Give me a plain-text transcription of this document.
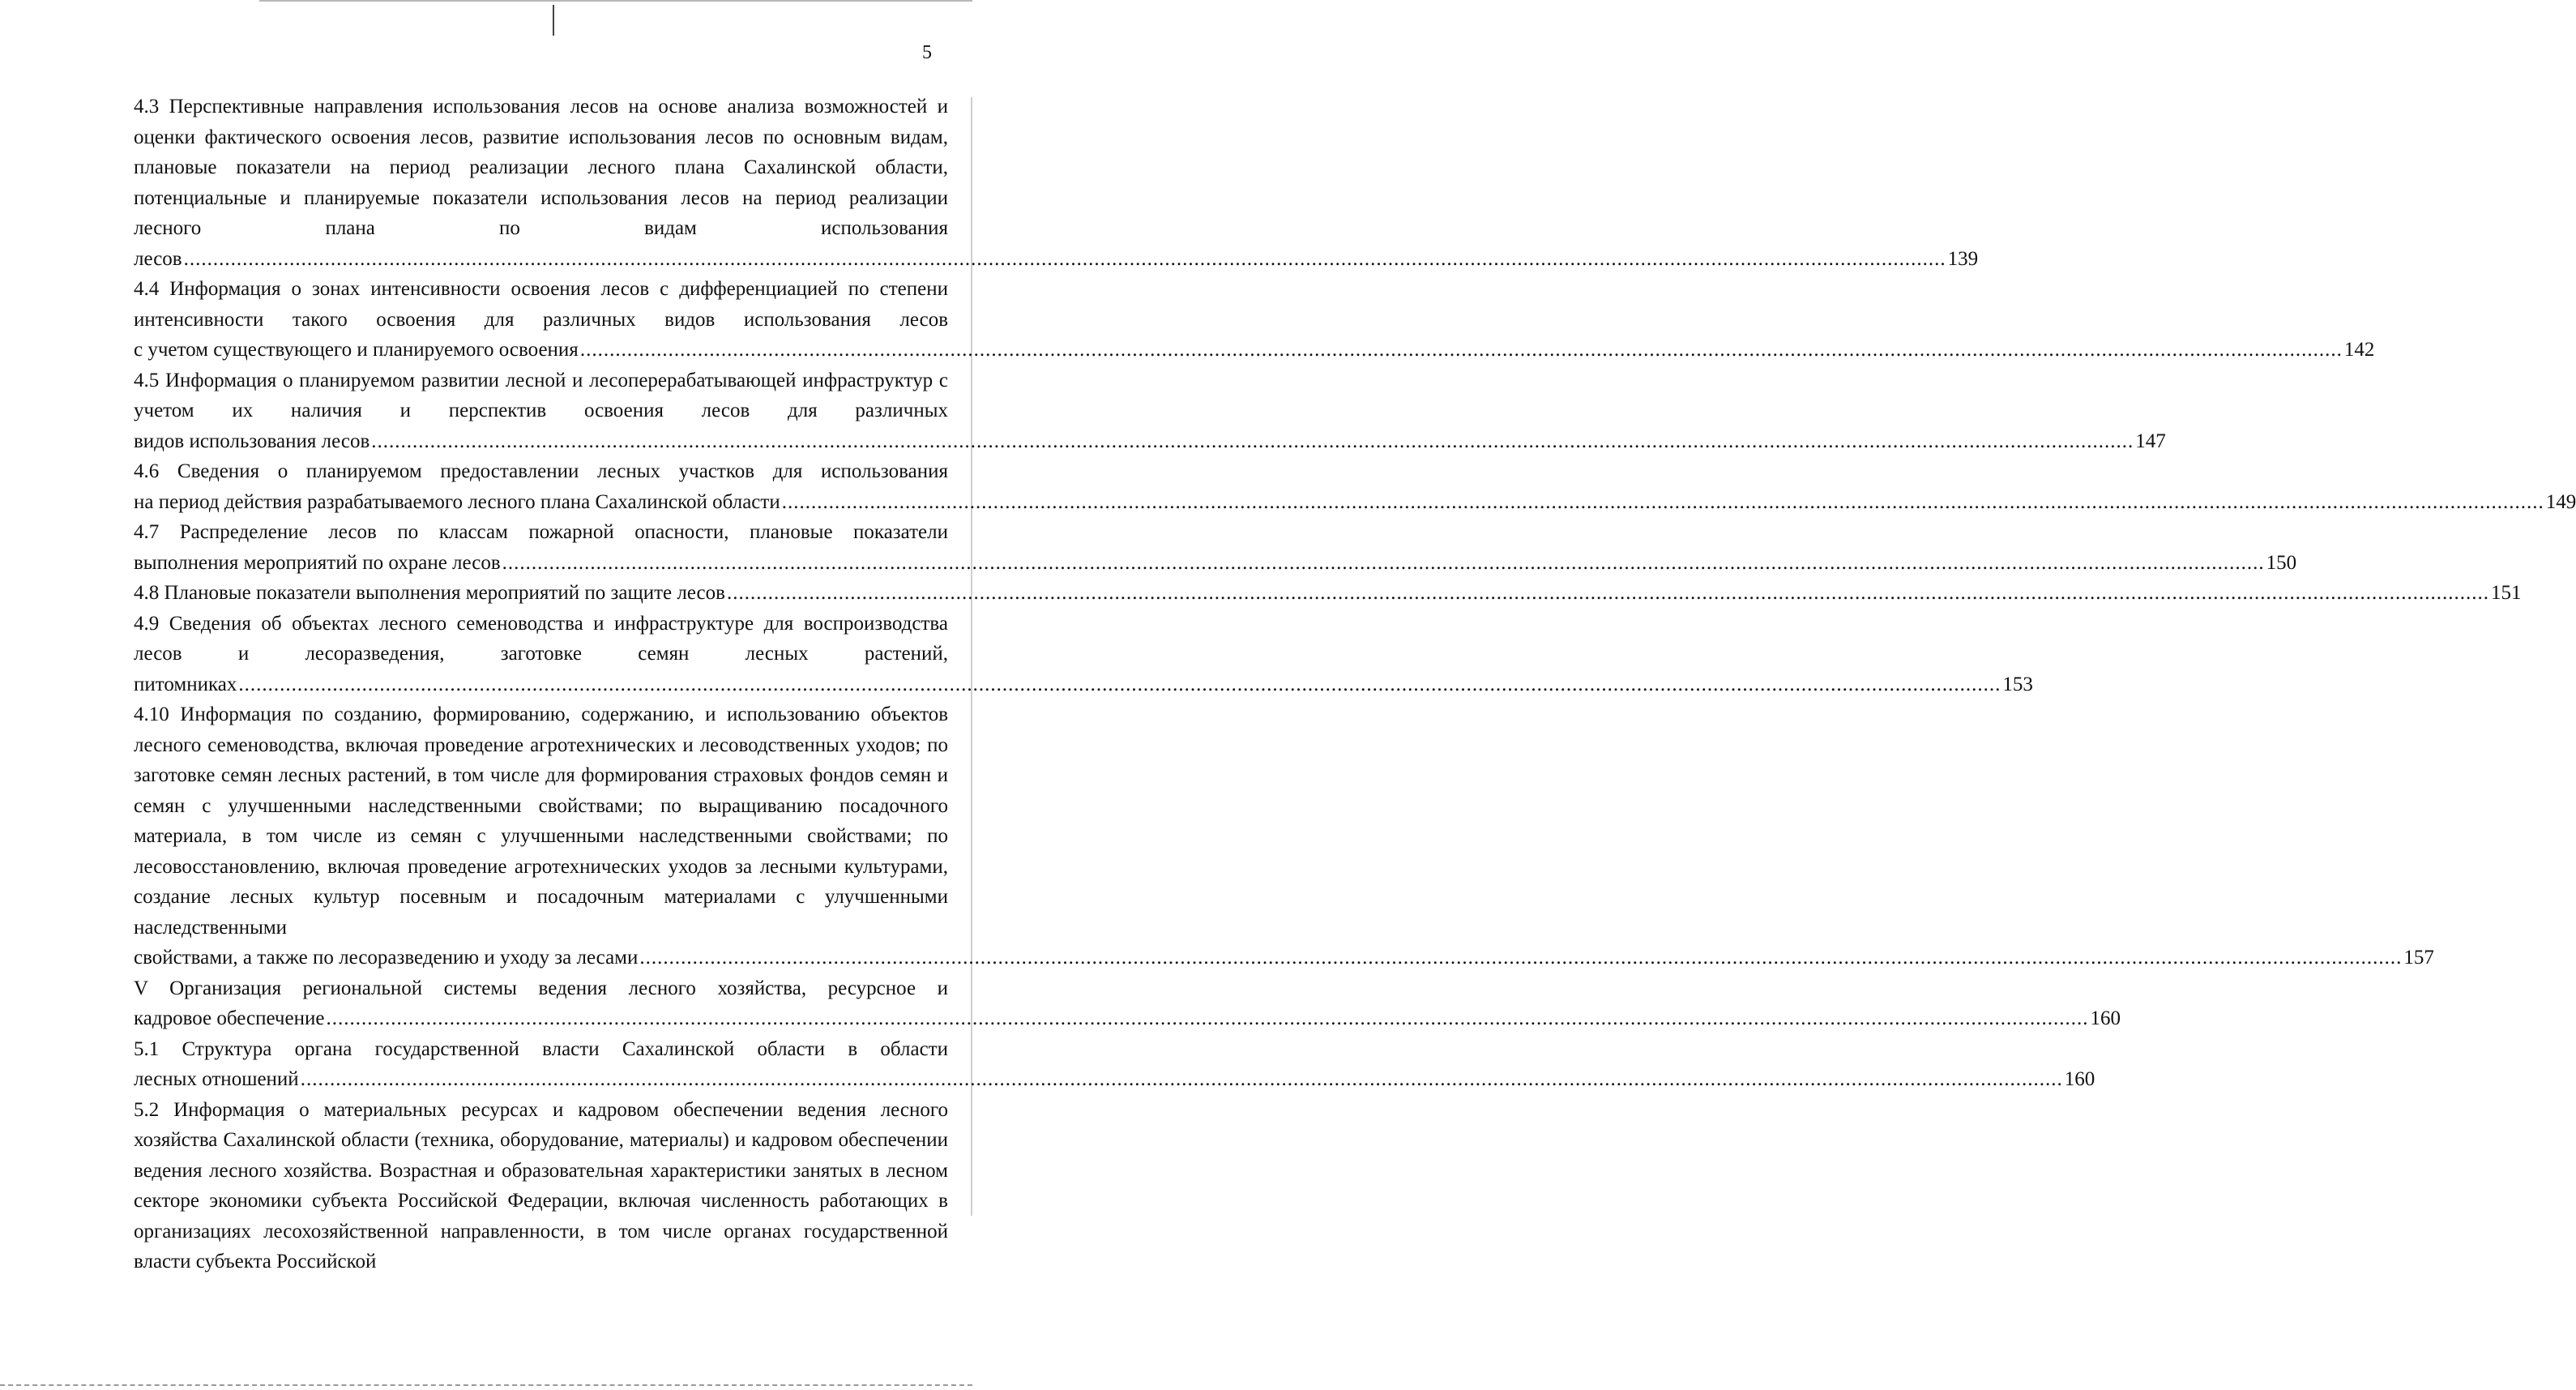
5
4.3 Перспективные направления использования лесов на основе анализа возможностей и оценки фактического освоения лесов, развитие использования лесов по основным видам, плановые показатели на период реализации лесного плана Сахалинской области, потенциальные и планируемые показатели использования лесов на период реализации лесного плана по видам использования
лесов ............................................................................................................................................................................................................................................................................................................ 139
4.4 Информация о зонах интенсивности освоения лесов с дифференциацией по степени интенсивности такого освоения для различных видов использования лесов
с учетом существующего и планируемого освоения ............................................................................................................................................................................................................................................................................................................ 142
4.5 Информация о планируемом развитии лесной и лесоперерабатывающей инфраструктур с учетом их наличия и перспектив освоения лесов для различных
видов использования лесов ............................................................................................................................................................................................................................................................................................................ 147
4.6 Сведения о планируемом предоставлении лесных участков для использования
на период действия разрабатываемого лесного плана Сахалинской области ............................................................................................................................................................................................................................................................................................................ 149
4.7 Распределение лесов по классам пожарной опасности, плановые показатели
выполнения мероприятий по охране лесов ............................................................................................................................................................................................................................................................................................................ 150
4.8 Плановые показатели выполнения мероприятий по защите лесов ............................................................................................................................................................................................................................................................................................................ 151
4.9 Сведения об объектах лесного семеноводства и инфраструктуре для воспроизводства лесов и лесоразведения, заготовке семян лесных растений,
питомниках ............................................................................................................................................................................................................................................................................................................ 153
4.10 Информация по созданию, формированию, содержанию, и использованию объектов лесного семеноводства, включая проведение агротехнических и лесоводственных уходов; по заготовке семян лесных растений, в том числе для формирования страховых фондов семян и семян с улучшенными наследственными свойствами; по выращиванию посадочного материала, в том числе из семян с улучшенными наследственными свойствами; по лесовосстановлению, включая проведение агротехнических уходов за лесными культурами, создание лесных культур посевным и посадочным материалами с улучшенными наследственными
свойствами, а также по лесоразведению и уходу за лесами ............................................................................................................................................................................................................................................................................................................ 157
V Организация региональной системы ведения лесного хозяйства, ресурсное и
кадровое обеспечение ............................................................................................................................................................................................................................................................................................................ 160
5.1 Структура органа государственной власти Сахалинской области в области
лесных отношений ............................................................................................................................................................................................................................................................................................................ 160
5.2 Информация о материальных ресурсах и кадровом обеспечении ведения лесного хозяйства Сахалинской области (техника, оборудование, материалы) и кадровом обеспечении ведения лесного хозяйства. Возрастная и образовательная характеристики занятых в лесном секторе экономики субъекта Российской Федерации, включая численность работающих в организациях лесохозяйственной направленности, в том числе органах государственной власти субъекта Российской
